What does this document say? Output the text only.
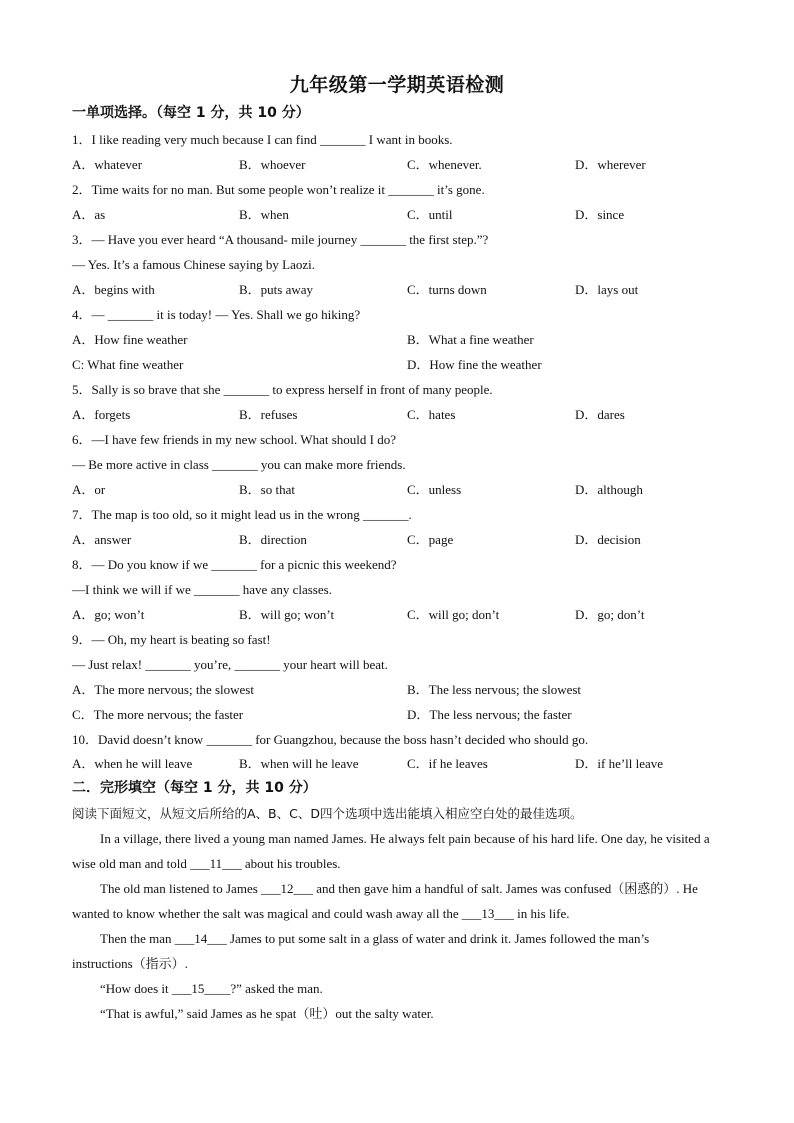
九年级第一学期英语检测
一单项选择。（每空 1 分，共 10 分）
1．I like reading very much because I can find _______ I want in books.
A．whatever	B．whoever	C．whenever.	D．wherever
2．Time waits for no man. But some people won’t realize it _______ it’s gone.
A．as	B．when	C．until	D．since
3．— Have you ever heard “A thousand- mile journey _______ the first step.”?
— Yes. It’s a famous Chinese saying by Laozi.
A．begins with	B．puts away	C．turns down	D．lays out
4．— _______ it is today! — Yes. Shall we go hiking?
A．How fine weather	B．What a fine weather
C: What fine weather	D．How fine the weather
5．Sally is so brave that she _______ to express herself in front of many people.
A．forgets	B．refuses	C．hates	D．dares
6．—I have few friends in my new school. What should I do?
— Be more active in class _______ you can make more friends.
A．or	B．so that	C．unless	D．although
7．The map is too old, so it might lead us in the wrong _______.
A．answer	B．direction	C．page	D．decision
8．— Do you know if we _______ for a picnic this weekend?
—I think we will if we _______ have any classes.
A．go; won’t	B．will go; won’t	C．will go; don’t	D．go; don’t
9．— Oh, my heart is beating so fast!
— Just relax! _______ you’re, _______ your heart will beat.
A．The more nervous; the slowest	B．The less nervous; the slowest
C．The more nervous; the faster	D．The less nervous; the faster
10．David doesn’t know _______ for Guangzhou, because the boss hasn’t decided who should go.
A．when he will leave	B．when will he leave	C．if he leaves	D．if he’ll leave
二．完形填空（每空 1 分，共 10 分）
阅读下面短文，从短文后所给的A、B、C、D四个选项中选出能填入相应空白处的最佳选项。
In a village, there lived a young man named James. He always felt pain because of his hard life. One day, he visited a wise old man and told ___11___ about his troubles.
The old man listened to James ___12___ and then gave him a handful of salt. James was confused（困惑的）. He wanted to know whether the salt was magical and could wash away all the ___13___ in his life.
Then the man ___14___ James to put some salt in a glass of water and drink it. James followed the man’s instructions（指示）.
“How does it ___15____?” asked the man.
“That is awful,” said James as he spat（吐）out the salty water.
